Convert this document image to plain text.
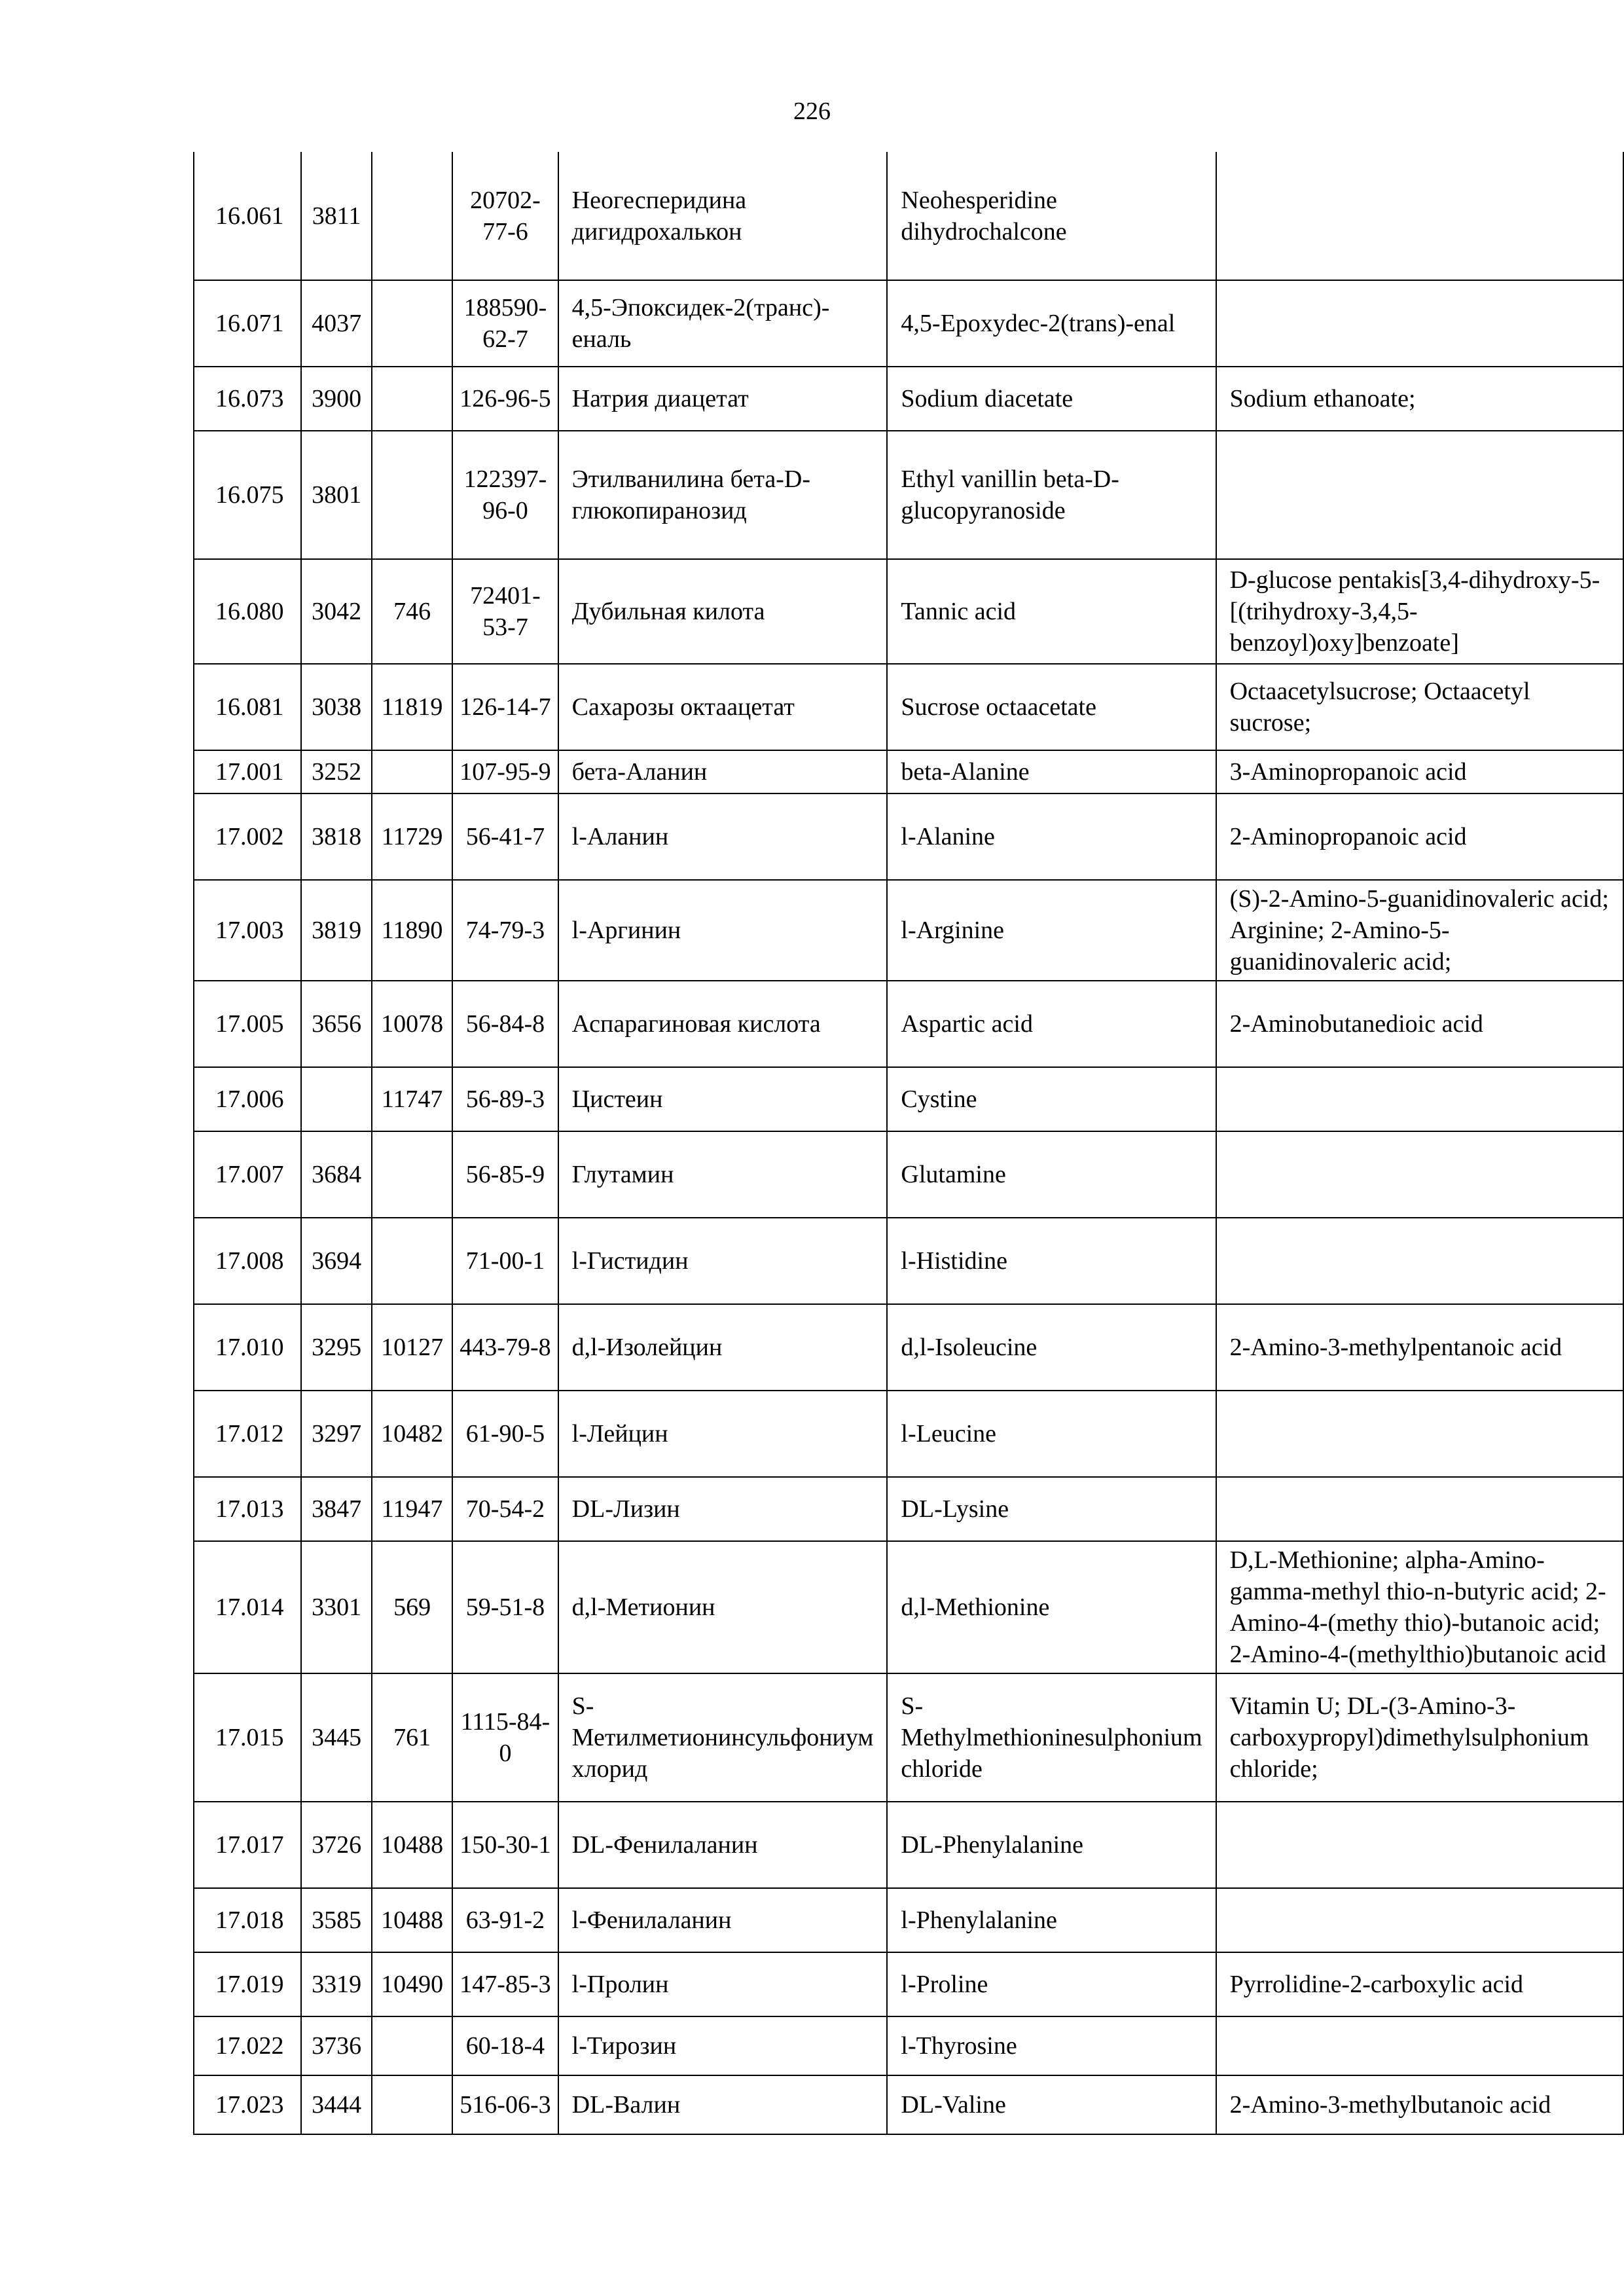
226
16.061	3811		20702-77-6	Неогесперидина дигидрохалькон	Neohesperidine dihydrochalcone	
16.071	4037		188590-62-7	4,5-Эпоксидек-2(транс)-еналь	4,5-Epoxydec-2(trans)-enal	
16.073	3900		126-96-5	Натрия диацетат	Sodium diacetate	Sodium ethanoate;
16.075	3801		122397-96-0	Этилванилина бета-D-глюкопиранозид	Ethyl vanillin beta-D-glucopyranoside	
16.080	3042	746	72401-53-7	Дубильная килота	Tannic acid	D-glucose pentakis[3,4-dihydroxy-5-[(trihydroxy-3,4,5-benzoyl)oxy]benzoate]
16.081	3038	11819	126-14-7	Сахарозы октаацетат	Sucrose octaacetate	Octaacetylsucrose; Octaacetyl sucrose;
17.001	3252		107-95-9	бета-Аланин	beta-Alanine	3-Aminopropanoic acid
17.002	3818	11729	56-41-7	l-Аланин	l-Alanine	2-Aminopropanoic acid
17.003	3819	11890	74-79-3	l-Аргинин	l-Arginine	(S)-2-Amino-5-guanidinovaleric acid; Arginine; 2-Amino-5-guanidinovaleric acid;
17.005	3656	10078	56-84-8	Аспарагиновая кислота	Aspartic acid	2-Aminobutanedioic acid
17.006		11747	56-89-3	Цистеин	Cystine	
17.007	3684		56-85-9	Глутамин	Glutamine	
17.008	3694		71-00-1	l-Гистидин	l-Histidine	
17.010	3295	10127	443-79-8	d,l-Изолейцин	d,l-Isoleucine	2-Amino-3-methylpentanoic acid
17.012	3297	10482	61-90-5	l-Лейцин	l-Leucine	
17.013	3847	11947	70-54-2	DL-Лизин	DL-Lysine	
17.014	3301	569	59-51-8	d,l-Метионин	d,l-Methionine	D,L-Methionine; alpha-Amino-gamma-methyl thio-n-butyric acid; 2-Amino-4-(methy thio)-butanoic acid; 2-Amino-4-(methylthio)butanoic acid
17.015	3445	761	1115-84-0	S-Метилметионинсульфониум хлорид	S-Methylmethioninesulphonium chloride	Vitamin U; DL-(3-Amino-3-carboxypropyl)dimethylsulphonium chloride;
17.017	3726	10488	150-30-1	DL-Фенилаланин	DL-Phenylalanine	
17.018	3585	10488	63-91-2	l-Фенилаланин	l-Phenylalanine	
17.019	3319	10490	147-85-3	l-Пролин	l-Proline	Pyrrolidine-2-carboxylic acid
17.022	3736		60-18-4	l-Тирозин	l-Thyrosine	
17.023	3444		516-06-3	DL-Валин	DL-Valine	2-Amino-3-methylbutanoic acid
